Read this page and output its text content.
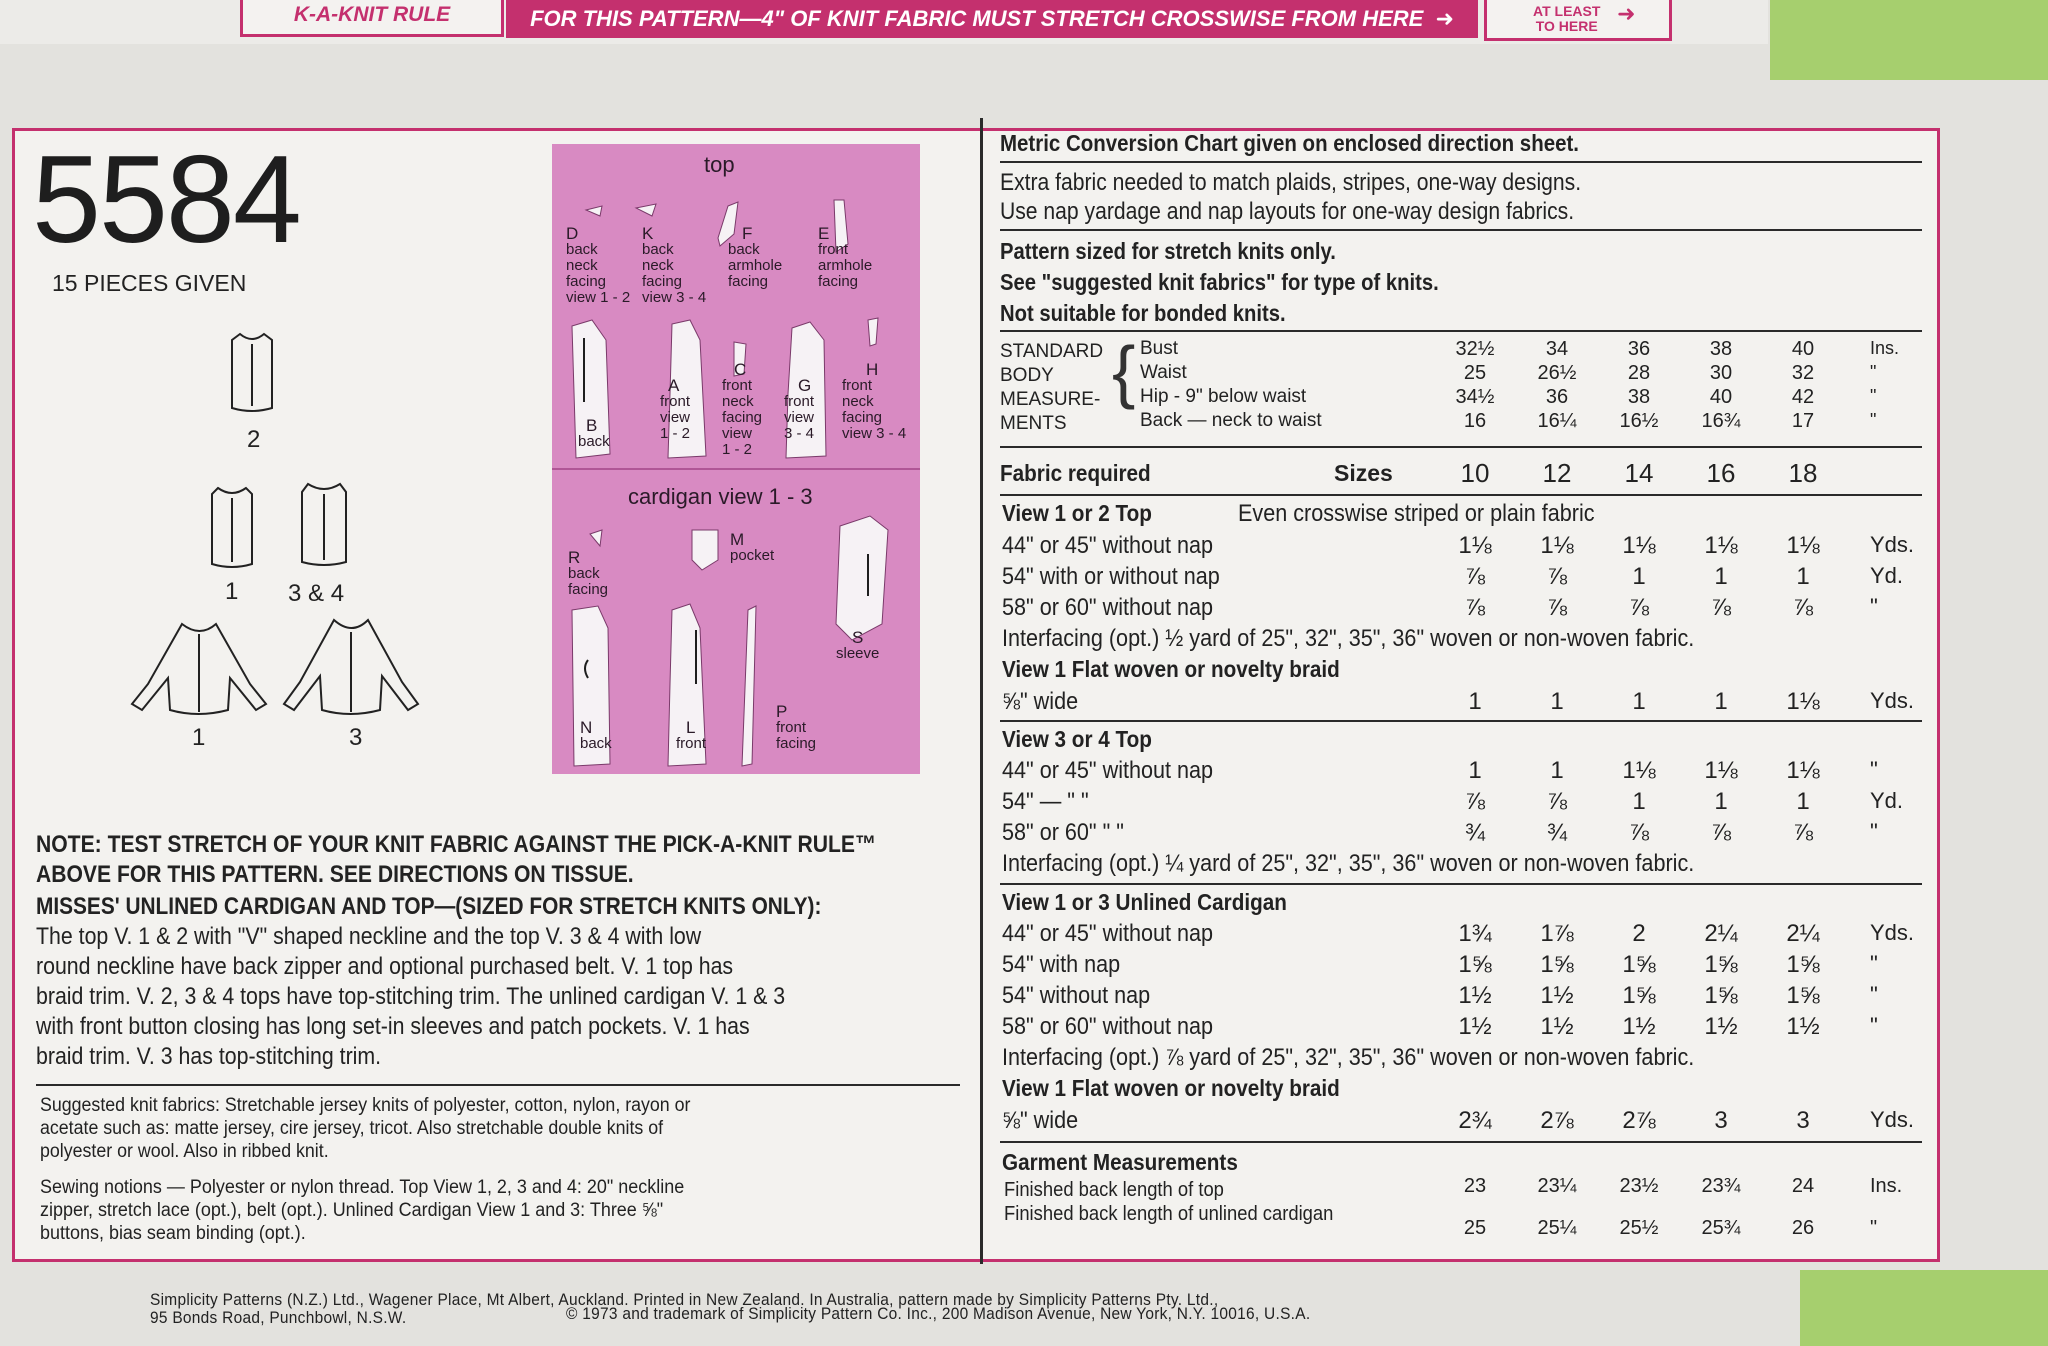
K-A-KNIT RULE	FOR THIS PATTERN—4" OF KNIT FABRIC MUST STRETCH CROSSWISE FROM HERE ➜	AT LEAST
TO HERE ➜
5584
15 PIECES GIVEN
2
1 3 & 4
1	3
top
cardigan view 1 - 3
D
back
neck
facing
view 1 - 2
K
back
neck
facing
view 3 - 4
F
back
armhole
facing
E
front
armhole
facing
B
back
A
front
view
1 - 2
C
front
neck
facing
view
1 - 2
G
front
view
3 - 4
H
front
neck
facing
view 3 - 4
R
back
facing
M
pocket
S
sleeve
N
back
L
front
P
front
facing
NOTE: TEST STRETCH OF YOUR KNIT FABRIC AGAINST THE PICK-A-KNIT RULE™
ABOVE FOR THIS PATTERN. SEE DIRECTIONS ON TISSUE.
MISSES' UNLINED CARDIGAN AND TOP—(SIZED FOR STRETCH KNITS ONLY):
The top V. 1 & 2 with "V" shaped neckline and the top V. 3 & 4 with low
round neckline have back zipper and optional purchased belt. V. 1 top has
braid trim. V. 2, 3 & 4 tops have top-stitching trim. The unlined cardigan V. 1 & 3
with front button closing has long set-in sleeves and patch pockets. V. 1 has
braid trim. V. 3 has top-stitching trim.
Suggested knit fabrics: Stretchable jersey knits of polyester, cotton, nylon, rayon or
acetate such as: matte jersey, cire jersey, tricot. Also stretchable double knits of
polyester or wool. Also in ribbed knit.
Sewing notions — Polyester or nylon thread. Top View 1, 2, 3 and 4: 20" neckline
zipper, stretch lace (opt.), belt (opt.). Unlined Cardigan View 1 and 3: Three ⅝"
buttons, bias seam binding (opt.).
Metric Conversion Chart given on enclosed direction sheet.
Extra fabric needed to match plaids, stripes, one-way designs.
Use nap yardage and nap layouts for one-way design fabrics.
Pattern sized for stretch knits only.
See "suggested knit fabrics" for type of knits.
Not suitable for bonded knits.
STANDARD
BODY
MEASURE-
MENTS
{
Fabric required	Sizes
Simplicity Patterns (N.Z.) Ltd., Wagener Place, Mt Albert, Auckland. Printed in New Zealand. In Australia, pattern made by Simplicity Patterns Pty. Ltd.,
95 Bonds Road, Punchbowl, N.S.W.	© 1973 and trademark of Simplicity Pattern Co. Inc., 200 Madison Avenue, New York, N.Y. 10016, U.S.A.
Bust	32½	34	36	38	40	Ins.
Waist	25	26½	28	30	32	"
Hip - 9" below waist	34½	36	38	40	42	"
Back — neck to waist	16	16¼	16½	16¾	17	"
10	12	14	16	18
View 1 or 2 Top	Even crosswise striped or plain fabric
44" or 45" without nap	1⅛	1⅛	1⅛	1⅛	1⅛	Yds.
54" with or without nap	⅞	⅞	1	1	1	Yd.
58" or 60" without nap	⅞	⅞	⅞	⅞	⅞	"
Interfacing (opt.) ½ yard of 25", 32", 35", 36" woven or non-woven fabric.
View 1 Flat woven or novelty braid
⅝" wide	1	1	1	1	1⅛	Yds.
View 3 or 4 Top
44" or 45" without nap	1	1	1⅛	1⅛	1⅛	"
54" — " "	⅞	⅞	1	1	1	Yd.
58" or 60" " "	¾	¾	⅞	⅞	⅞	"
Interfacing (opt.) ¼ yard of 25", 32", 35", 36" woven or non-woven fabric.
View 1 or 3 Unlined Cardigan
44" or 45" without nap	1¾	1⅞	2	2¼	2¼	Yds.
54" with nap	1⅝	1⅝	1⅝	1⅝	1⅝	"
54" without nap	1½	1½	1⅝	1⅝	1⅝	"
58" or 60" without nap	1½	1½	1½	1½	1½	"
Interfacing (opt.) ⅞ yard of 25", 32", 35", 36" woven or non-woven fabric.
View 1 Flat woven or novelty braid
⅝" wide	2¾	2⅞	2⅞	3	3	Yds.
Garment Measurements
Finished back length of top	23	23¼	23½	23¾	24	Ins.
Finished back length of unlined cardigan
25	25¼	25½	25¾	26	"
